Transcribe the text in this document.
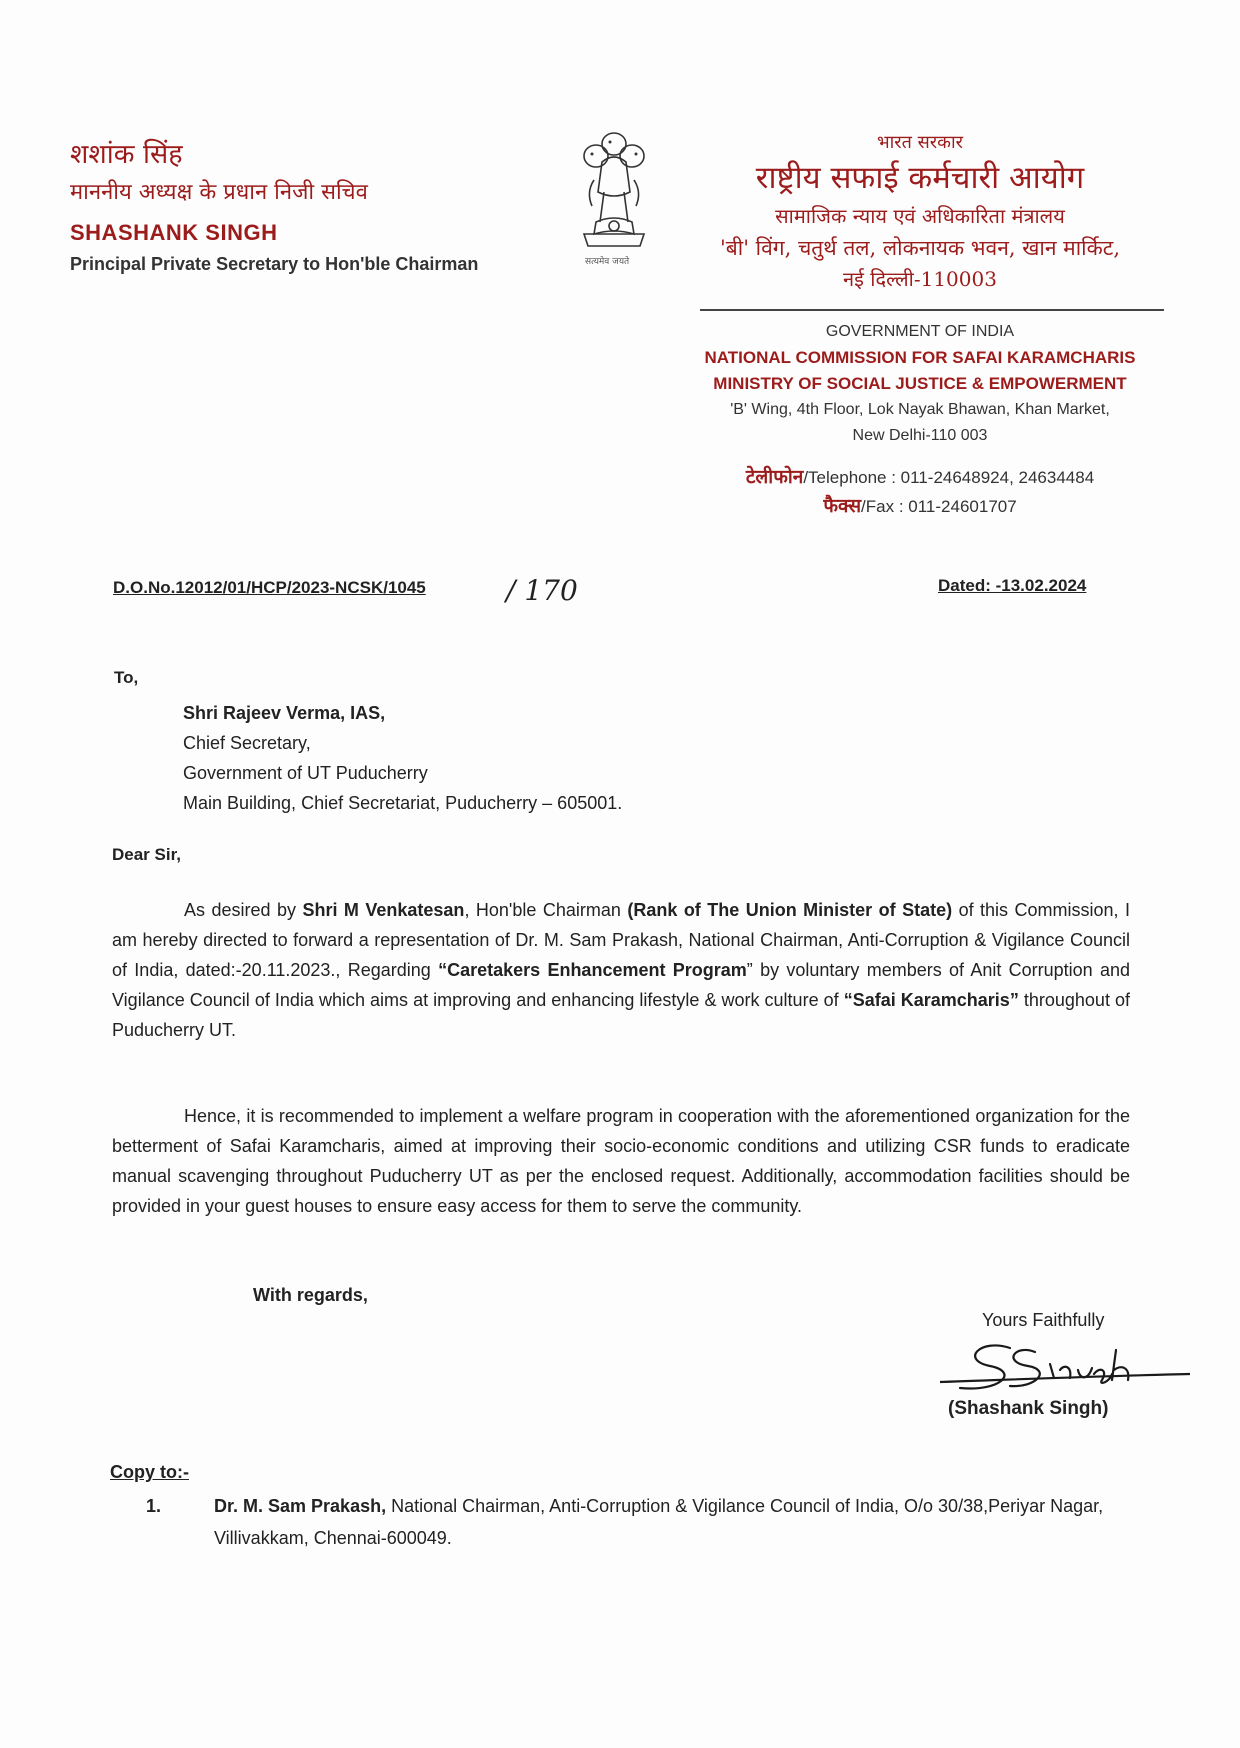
शशांक सिंह
माननीय अध्यक्ष के प्रधान निजी सचिव
SHASHANK SINGH
Principal Private Secretary to Hon'ble Chairman	सत्यमेव जयते
भारत सरकार
राष्ट्रीय सफाई कर्मचारी आयोग
सामाजिक न्याय एवं अधिकारिता मंत्रालय
'बी' विंग, चतुर्थ तल, लोकनायक भवन, खान मार्किट,
नई दिल्ली-110003
GOVERNMENT OF INDIA
NATIONAL COMMISSION FOR SAFAI KARAMCHARIS
MINISTRY OF SOCIAL JUSTICE & EMPOWERMENT
'B' Wing, 4th Floor, Lok Nayak Bhawan, Khan Market,
New Delhi-110 003
टेलीफोन/Telephone : 011-24648924, 24634484
फैक्स/Fax : 011-24601707
D.O.No.12012/01/HCP/2023-NCSK/1045	/ 170	Dated: -13.02.2024
To,
Shri Rajeev Verma, IAS,
Chief Secretary,
Government of UT Puducherry
Main Building, Chief Secretariat, Puducherry – 605001.
Dear Sir,
As desired by Shri M Venkatesan, Hon'ble Chairman (Rank of The Union Minister of State) of this Commission, I am hereby directed to forward a representation of Dr. M. Sam Prakash, National Chairman, Anti-Corruption & Vigilance Council of India, dated:-20.11.2023., Regarding “Caretakers Enhancement Program” by voluntary members of Anit Corruption and Vigilance Council of India which aims at improving and enhancing lifestyle & work culture of “Safai Karamcharis” throughout of Puducherry UT.
Hence, it is recommended to implement a welfare program in cooperation with the aforementioned organization for the betterment of Safai Karamcharis, aimed at improving their socio-economic conditions and utilizing CSR funds to eradicate manual scavenging throughout Puducherry UT as per the enclosed request. Additionally, accommodation facilities should be provided in your guest houses to ensure easy access for them to serve the community.
With regards,
Yours Faithfully
(Shashank Singh)
Copy to:-
1.	Dr. M. Sam Prakash, National Chairman, Anti-Corruption & Vigilance Council of India, O/o 30/38,Periyar Nagar, Villivakkam, Chennai-600049.
